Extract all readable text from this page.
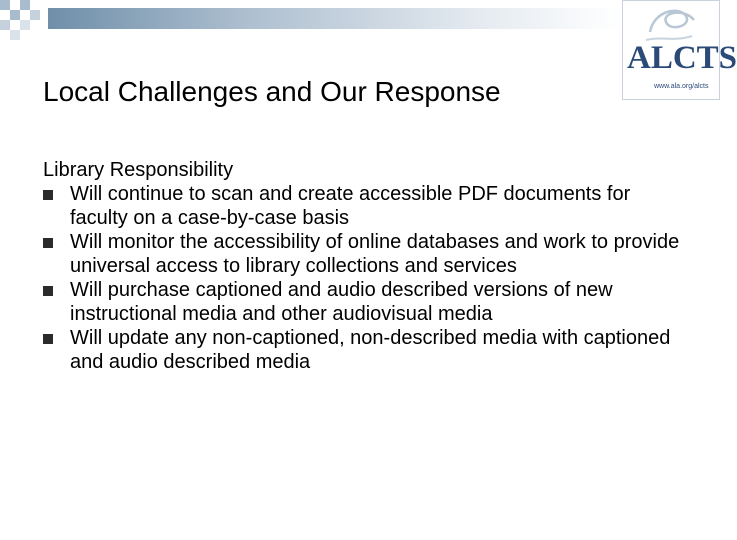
ALCTS
www.ala.org/alcts
Local Challenges and Our Response
Library Responsibility
Will continue to scan and create accessible PDF documents for faculty on a case-by-case basis
Will monitor the accessibility of online databases and work to provide universal access to library collections and services
Will purchase captioned and audio described versions of new instructional media and other audiovisual media
Will update any non-captioned, non-described media with captioned and audio described media
